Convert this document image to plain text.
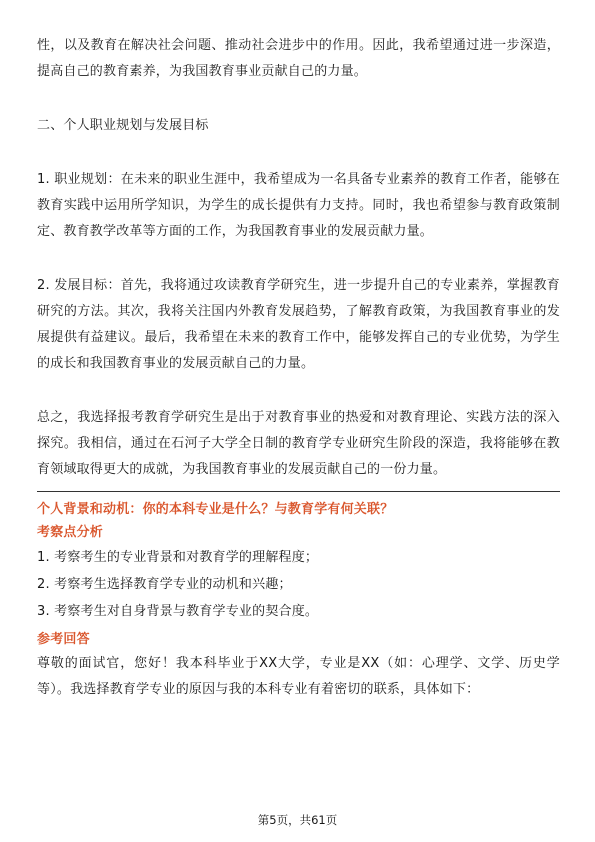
性，以及教育在解决社会问题、推动社会进步中的作用。因此，我希望通过进一步深造，提高自己的教育素养，为我国教育事业贡献自己的力量。

二、个人职业规划与发展目标

1. 职业规划：在未来的职业生涯中，我希望成为一名具备专业素养的教育工作者，能够在教育实践中运用所学知识，为学生的成长提供有力支持。同时，我也希望参与教育政策制定、教育教学改革等方面的工作，为我国教育事业的发展贡献力量。

2. 发展目标：首先，我将通过攻读教育学研究生，进一步提升自己的专业素养，掌握教育研究的方法。其次，我将关注国内外教育发展趋势，了解教育政策，为我国教育事业的发展提供有益建议。最后，我希望在未来的教育工作中，能够发挥自己的专业优势，为学生的成长和我国教育事业的发展贡献自己的力量。

总之，我选择报考教育学研究生是出于对教育事业的热爱和对教育理论、实践方法的深入探究。我相信，通过在石河子大学全日制的教育学专业研究生阶段的深造，我将能够在教育领域取得更大的成就，为我国教育事业的发展贡献自己的一份力量。

个人背景和动机：你的本科专业是什么？与教育学有何关联？

考察点分析

1. 考察考生的专业背景和对教育学的理解程度；

2. 考察考生选择教育学专业的动机和兴趣；

3. 考察考生对自身背景与教育学专业的契合度。

参考回答

尊敬的面试官，您好！我本科毕业于XX大学，专业是XX（如：心理学、文学、历史学等）。我选择教育学专业的原因与我的本科专业有着密切的联系，具体如下：

第5页，共61页
